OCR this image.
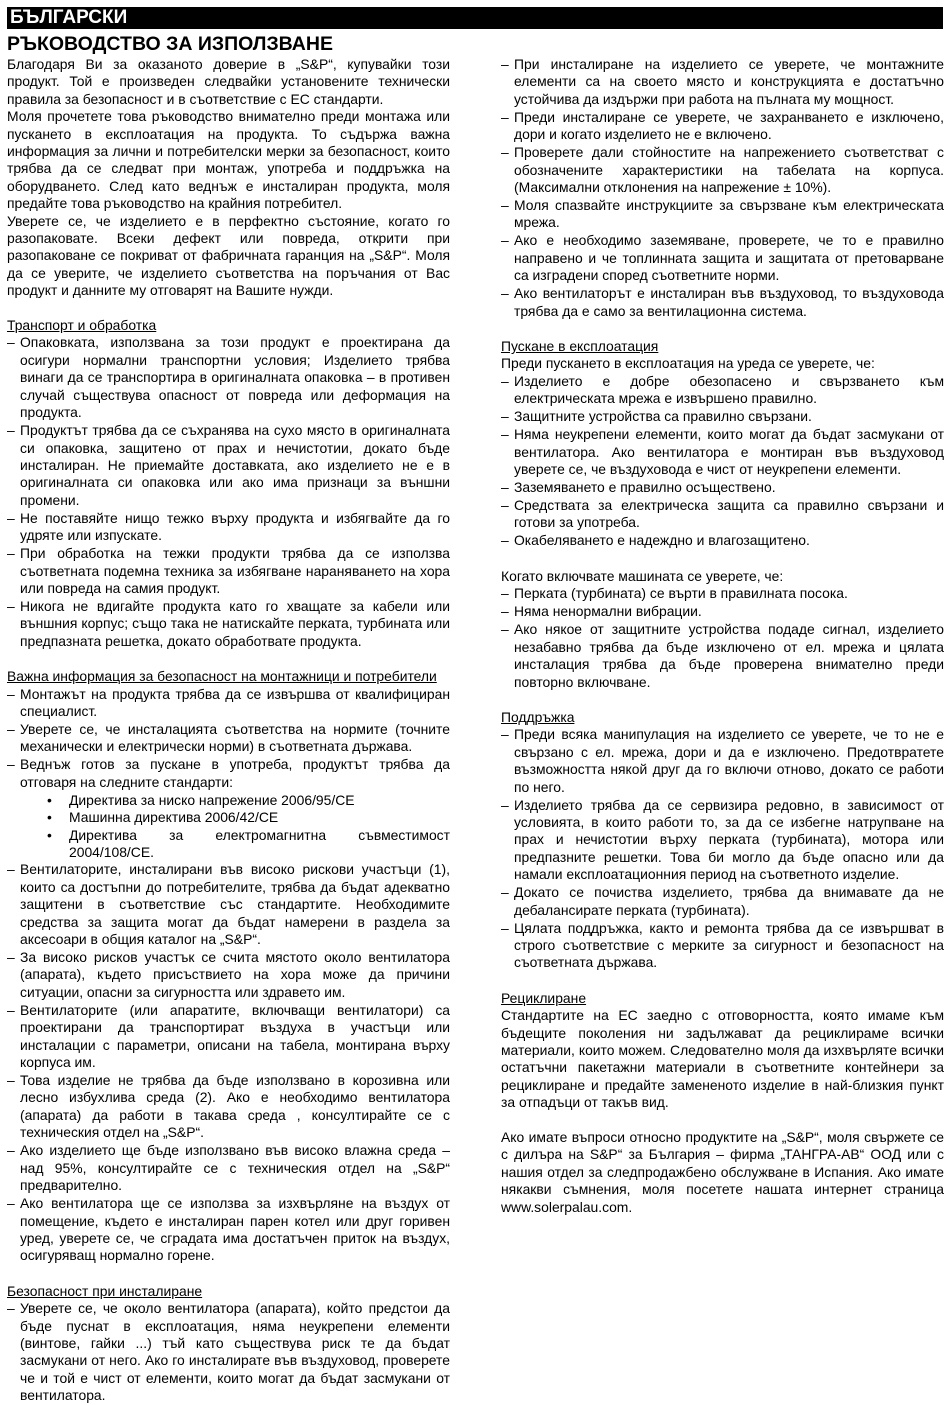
БЪЛГАРСКИ
РЪКОВОДСТВО ЗА ИЗПОЛЗВАНЕ

Благодаря Ви за оказаното доверие в „S&P“, купувайки този продукт. Той е произведен следвайки установените технически правила за безопасност и в съответствие с ЕС стандарти.

Моля прочетете това ръководство внимателно преди монтажа или пускането в експлоатация на продукта. То съдържа важна информация за лични и потребителски мерки за безопасност, които трябва да се следват при монтаж, употреба и поддръжка на оборудването. След като веднъж е инсталиран продукта, моля предайте това ръководство на крайния потребител.

Уверете се, че изделието е в перфектно състояние, когато го разопаковате. Всеки дефект или повреда, открити при разопаковане се покриват от фабричната гаранция на „S&P“. Моля да се уверите, че изделието съответства на поръчания от Вас продукт и данните му отговарят на Вашите нужди.

Транспорт и обработка

– Опаковката, използвана за този продукт е проектирана да осигури нормални транспортни условия; Изделието трябва винаги да се транспортира в оригиналната опаковка – в противен случай съществува опасност от повреда или деформация на продукта.
– Продуктът трябва да се съхранява на сухо място в оригиналната си опаковка, защитено от прах и нечистотии, докато бъде инсталиран. Не приемайте доставката, ако изделието не е в оригиналната си опаковка или ако има признаци за външни промени.
– Не поставяйте нищо тежко върху продукта и избягвайте да го удряте или изпускате.
– При обработка на тежки продукти трябва да се използва съответната подемна техника за избягване нараняването на хора или повреда на самия продукт.
– Никога не вдигайте продукта като го хващате за кабели или външния корпус; също така не натискайте перката, турбината или предпазната решетка, докато обработвате продукта.

Важна информация за безопасност на монтажници и потребители

– Монтажът на продукта трябва да се извършва от квалифициран специалист.
– Уверете се, че инсталацията съответства на нормите (точните механически и електрически норми) в съответната държава.
– Веднъж готов за пускане в употреба, продуктът трябва да отговаря на следните стандарти:
• Директива за ниско напрежение 2006/95/CE
• Машинна директива 2006/42/CE
• Директива за електромагнитна съвместимост 2004/108/CE.
– Вентилаторите, инсталирани във високо рискови участъци (1), които са достъпни до потребителите, трябва да бъдат адекватно защитени в съответствие със стандартите. Необходимите средства за защита могат да бъдат намерени в раздела за аксесоари в общия каталог на „S&P“.
– За високо рисков участък се счита мястото около вентилатора (апарата), където присъствието на хора може да причини ситуации, опасни за сигурността или здравето им.
– Вентилаторите (или апаратите, включващи вентилатори) са проектирани да транспортират въздуха в участъци или инсталации с параметри, описани на табела, монтирана върху корпуса им.
– Това изделие не трябва да бъде използвано в корозивна или лесно избухлива среда (2). Ако е необходимо вентилатора (апарата) да работи в такава среда , консултирайте се с техническия отдел на „S&P“.
– Ако изделието ще бъде използвано във високо влажна среда – над 95%, консултирайте се с техническия отдел на „S&P“ предварително.
– Ако вентилатора ще се използва за изхвърляне на въздух от помещение, където е инсталиран парен котел или друг горивен уред, уверете се, че сградата има достатъчен приток на въздух, осигуряващ нормално горене.

Безопасност при инсталиране

– Уверете се, че около вентилатора (апарата), който предстои да бъде пуснат в експлоатация, няма неукрепени елементи (винтове, гайки ...) тъй като съществува риск те да бъдат засмукани от него. Ако го инсталирате във въздуховод, проверете че и той е чист от елементи, които могат да бъдат засмукани от вентилатора.
– При инсталиране на изделието се уверете, че монтажните елементи са на своето място и конструкцията е достатъчно устойчива да издържи при работа на пълната му мощност.
– Преди инсталиране се уверете, че захранването е изключено, дори и когато изделието не е включено.
– Проверете дали стойностите на напрежението съответстват с обозначените характеристики на табелата на корпуса. (Максимални отклонения на напрежение ± 10%).
– Моля спазвайте инструкциите за свързване към електрическата мрежа.
– Ако е необходимо заземяване, проверете, че то е правилно направено и че топлинната защита и защитата от претоварване са изградени според съответните норми.
– Ако вентилаторът е инсталиран във въздуховод, то въздуховода трябва да е само за вентилационна система.

Пускане в експлоатация

Преди пускането в експлоатация на уреда се уверете, че:

– Изделието е добре обезопасено и свързването към електрическата мрежа е извършено правилно.
– Защитните устройства са правилно свързани.
– Няма неукрепени елементи, които могат да бъдат засмукани от вентилатора. Ако вентилатора е монтиран във въздуховод уверете се, че въздуховода е чист от неукрепени елементи.
– Заземяването е правилно осъществено.
– Средствата за електрическа защита са правилно свързани и готови за употреба.
– Окабеляването е надеждно и влагозащитено.

Когато включвате машината се уверете, че:

– Перката (турбината) се върти в правилната посока.
– Няма ненормални вибрации.
– Ако някое от защитните устройства подаде сигнал, изделието незабавно трябва да бъде изключено от ел. мрежа и цялата инсталация трябва да бъде проверена внимателно преди повторно включване.

Поддръжка

– Преди всяка манипулация на изделието се уверете, че то не е свързано с ел. мрежа, дори и да е изключено. Предотвратете възможността някой друг да го включи отново, докато се работи по него.
– Изделието трябва да се сервизира редовно, в зависимост от условията, в които работи то, за да се избегне натрупване на прах и нечистотии върху перката (турбината), мотора или предпазните решетки. Това би могло да бъде опасно или да намали експлоатационния период на съответното изделие.
– Докато се почиства изделието, трябва да внимавате да не дебалансирате перката (турбината).
– Цялата поддръжка, както и ремонта трябва да се извършват в строго съответствие с мерките за сигурност и безопасност на съответната държава.

Рециклиране

Стандартите на ЕС заедно с отговорността, която имаме към бъдещите поколения ни задължават да рециклираме всички материали, които можем. Следователно моля да изхвърляте всички остатъчни пакетажни материали в съответните контейнери за рециклиране и предайте замененото изделие в най-близкия пункт за отпадъци от такъв вид.

Ако имате въпроси относно продуктите на „S&P“, моля свържете се с дилъра на S&P“ за България – фирма „ТАНГРА-АВ“ ООД или с нашия отдел за следпродажбено обслужване в Испания. Ако имате някакви съмнения, моля посетете нашата интернет страница www.solerpalau.com.
